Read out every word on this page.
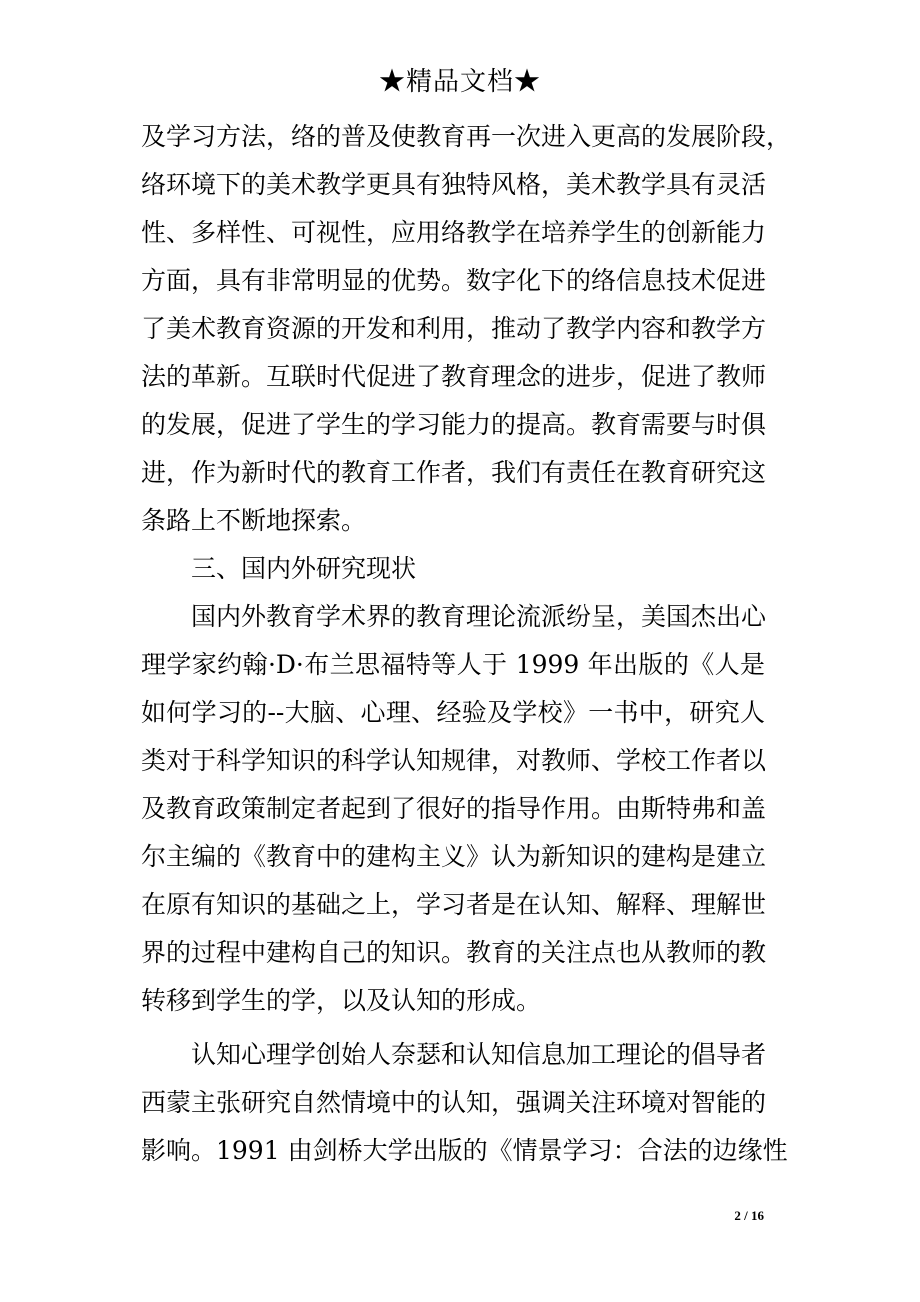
★精品文档★
及学习方法，络的普及使教育再一次进入更高的发展阶段，
络环境下的美术教学更具有独特风格，美术教学具有灵活
性、多样性、可视性，应用络教学在培养学生的创新能力
方面，具有非常明显的优势。数字化下的络信息技术促进
了美术教育资源的开发和利用，推动了教学内容和教学方
法的革新。互联时代促进了教育理念的进步，促进了教师
的发展，促进了学生的学习能力的提高。教育需要与时俱
进，作为新时代的教育工作者，我们有责任在教育研究这
条路上不断地探索。
三、国内外研究现状
国内外教育学术界的教育理论流派纷呈，美国杰出心
理学家约翰·D·布兰思福特等人于 1999 年出版的《人是
如何学习的--大脑、心理、经验及学校》一书中，研究人
类对于科学知识的科学认知规律，对教师、学校工作者以
及教育政策制定者起到了很好的指导作用。由斯特弗和盖
尔主编的《教育中的建构主义》认为新知识的建构是建立
在原有知识的基础之上，学习者是在认知、解释、理解世
界的过程中建构自己的知识。教育的关注点也从教师的教
转移到学生的学，以及认知的形成。
认知心理学创始人奈瑟和认知信息加工理论的倡导者
西蒙主张研究自然情境中的认知，强调关注环境对智能的
影响。1991 由剑桥大学出版的《情景学习：合法的边缘性
2 / 16
